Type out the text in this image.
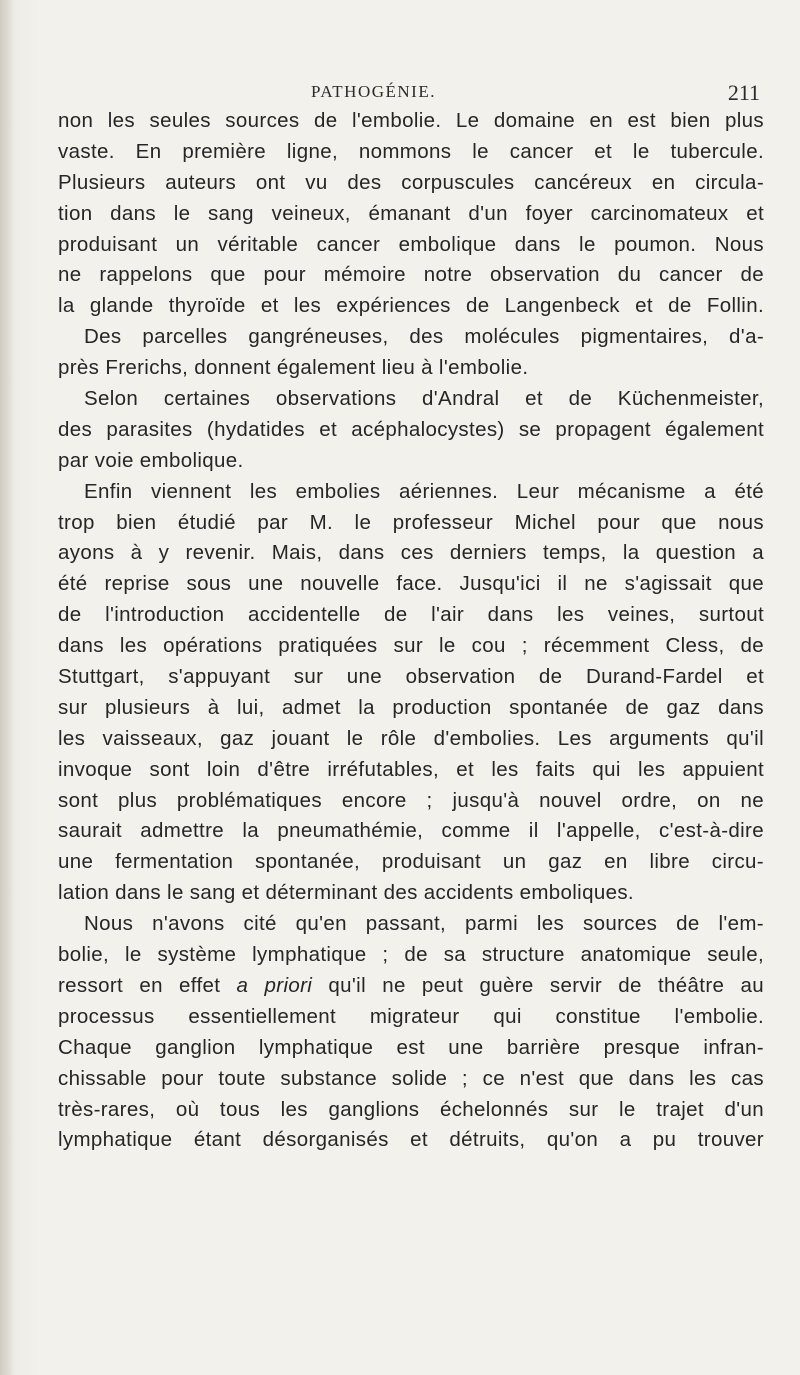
PATHOGÉNIE.	211
non les seules sources de l'embolie. Le domaine en est bien plus
vaste. En première ligne, nommons le cancer et le tubercule.
Plusieurs auteurs ont vu des corpuscules cancéreux en circula-
tion dans le sang veineux, émanant d'un foyer carcinomateux et
produisant un véritable cancer embolique dans le poumon. Nous
ne rappelons que pour mémoire notre observation du cancer de
la glande thyroïde et les expériences de Langenbeck et de Follin.
Des parcelles gangréneuses, des molécules pigmentaires, d'a-
près Frerichs, donnent également lieu à l'embolie.
Selon certaines observations d'Andral et de Küchenmeister,
des parasites (hydatides et acéphalocystes) se propagent également
par voie embolique.
Enfin viennent les embolies aériennes. Leur mécanisme a été
trop bien étudié par M. le professeur Michel pour que nous
ayons à y revenir. Mais, dans ces derniers temps, la question a
été reprise sous une nouvelle face. Jusqu'ici il ne s'agissait que
de l'introduction accidentelle de l'air dans les veines, surtout
dans les opérations pratiquées sur le cou ; récemment Cless, de
Stuttgart, s'appuyant sur une observation de Durand-Fardel et
sur plusieurs à lui, admet la production spontanée de gaz dans
les vaisseaux, gaz jouant le rôle d'embolies. Les arguments qu'il
invoque sont loin d'être irréfutables, et les faits qui les appuient
sont plus problématiques encore ; jusqu'à nouvel ordre, on ne
saurait admettre la pneumathémie, comme il l'appelle, c'est-à-dire
une fermentation spontanée, produisant un gaz en libre circu-
lation dans le sang et déterminant des accidents emboliques.
Nous n'avons cité qu'en passant, parmi les sources de l'em-
bolie, le système lymphatique ; de sa structure anatomique seule,
ressort en effet a priori qu'il ne peut guère servir de théâtre au
processus essentiellement migrateur qui constitue l'embolie.
Chaque ganglion lymphatique est une barrière presque infran-
chissable pour toute substance solide ; ce n'est que dans les cas
très-rares, où tous les ganglions échelonnés sur le trajet d'un
lymphatique étant désorganisés et détruits, qu'on a pu trouver
